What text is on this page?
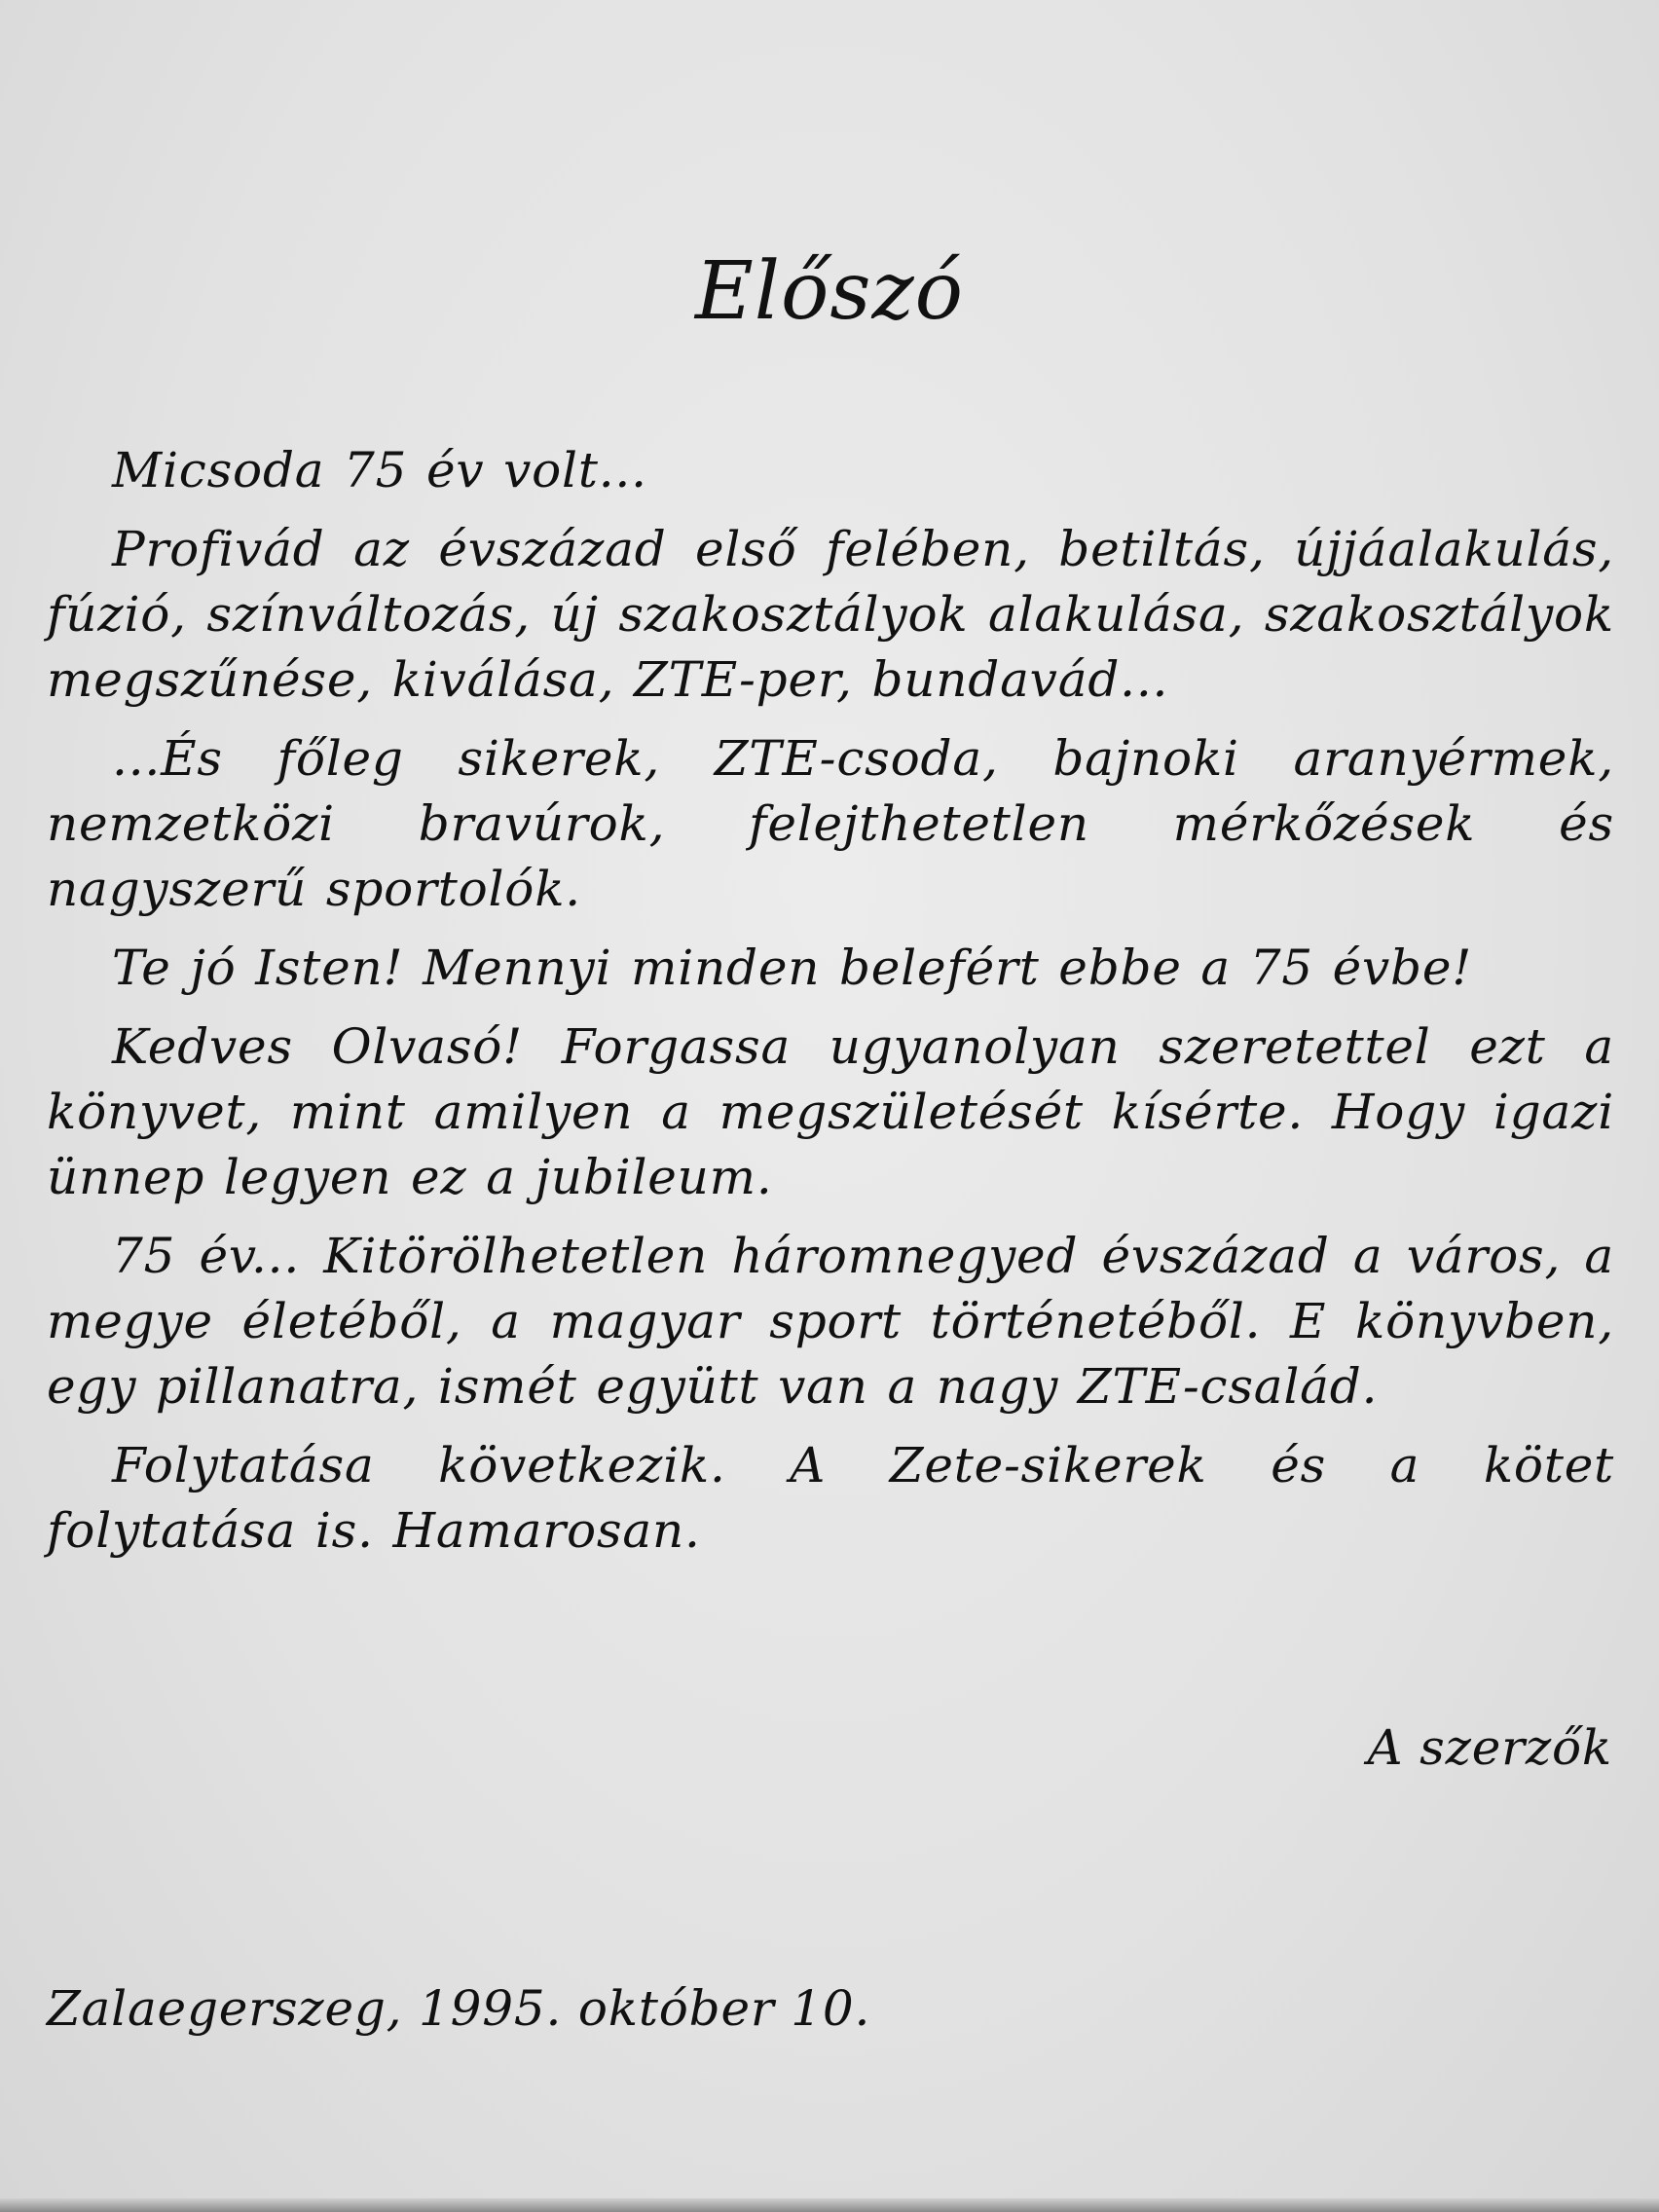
Előszó

Micsoda 75 év volt...

Profivád az évszázad első felében, betiltás, újjáalakulás, fúzió, színváltozás, új szakosztályok alakulása, szakosztályok megszűnése, kiválása, ZTE-per, bundavád...

...És főleg sikerek, ZTE-csoda, bajnoki aranyérmek, nemzetközi bravúrok, felejthetetlen mérkőzések és nagyszerű sportolók.

Te jó Isten! Mennyi minden belefért ebbe a 75 évbe!

Kedves Olvasó! Forgassa ugyanolyan szeretettel ezt a könyvet, mint amilyen a megszületését kísérte. Hogy igazi ünnep legyen ez a jubileum.

75 év... Kitörölhetetlen háromnegyed évszázad a város, a megye életéből, a magyar sport történetéből. E könyvben, egy pillanatra, ismét együtt van a nagy ZTE-család.

Folytatása következik. A Zete-sikerek és a kötet folytatása is. Hamarosan.

A szerzők
Zalaegerszeg, 1995. október 10.
